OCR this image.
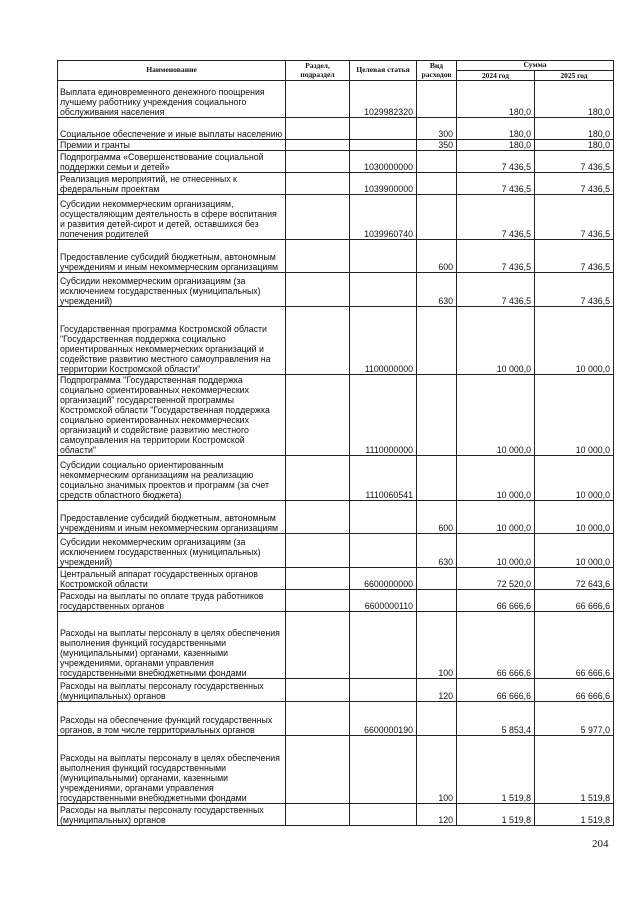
Наименование	Раздел, подраздел	Целевая статья	Вид расходов	Сумма	
				2024 год	2025 год
Выплата единовременного денежного поощрения лучшему работнику учреждения социального обслуживания населения		1029982320		180,0	180,0
Социальное обеспечение и иные выплаты населению			300	180,0	180,0
Премии и гранты			350	180,0	180,0
Подпрограмма «Совершенствование социальной поддержки семьи и детей»		1030000000		7 436,5	7 436,5
Реализация мероприятий, не отнесенных к федеральным проектам		1039900000		7 436,5	7 436,5
Субсидии некоммерческим организациям, осуществляющим деятельность в сфере воспитания и развития детей-сирот и детей, оставшихся без попечения родителей		1039960740		7 436,5	7 436,5
Предоставление субсидий бюджетным, автономным учреждениям и иным некоммерческим организациям			600	7 436,5	7 436,5
Субсидии некоммерческим организациям (за исключением государственных (муниципальных) учреждений)			630	7 436,5	7 436,5
Государственная программа Костромской области "Государственная поддержка социально ориентированных некоммерческих организаций и содействие развитию местного самоуправления на территории Костромской области"		1100000000		10 000,0	10 000,0
Подпрограмма "Государственная поддержка социально ориентированных некоммерческих организаций" государственной программы Костромской области "Государственная поддержка социально ориентированных некоммерческих организаций и содействие развитию местного самоуправления на территории Костромской области"		1110000000		10 000,0	10 000,0
Субсидии социально ориентированным некоммерческим организациям на реализацию социально значимых проектов и программ (за счет средств областного бюджета)		1110060541		10 000,0	10 000,0
Предоставление субсидий бюджетным, автономным учреждениям и иным некоммерческим организациям			600	10 000,0	10 000,0
Субсидии некоммерческим организациям (за исключением государственных (муниципальных) учреждений)			630	10 000,0	10 000,0
Центральный аппарат государственных органов Костромской области		6600000000		72 520,0	72 643,6
Расходы на выплаты по оплате труда работников государственных органов		6600000110		66 666,6	66 666,6
Расходы на выплаты персоналу в целях обеспечения выполнения функций государственными (муниципальными) органами, казенными учреждениями, органами управления государственными внебюджетными фондами			100	66 666,6	66 666,6
Расходы на выплаты персоналу государственных (муниципальных) органов			120	66 666,6	66 666,6
Расходы на обеспечение функций государственных органов, в том числе территориальных органов		6600000190		5 853,4	5 977,0
Расходы на выплаты персоналу в целях обеспечения выполнения функций государственными (муниципальными) органами, казенными учреждениями, органами управления государственными внебюджетными фондами			100	1 519,8	1 519,8
Расходы на выплаты персоналу государственных (муниципальных) органов			120	1 519,8	1 519,8
204
·
·
